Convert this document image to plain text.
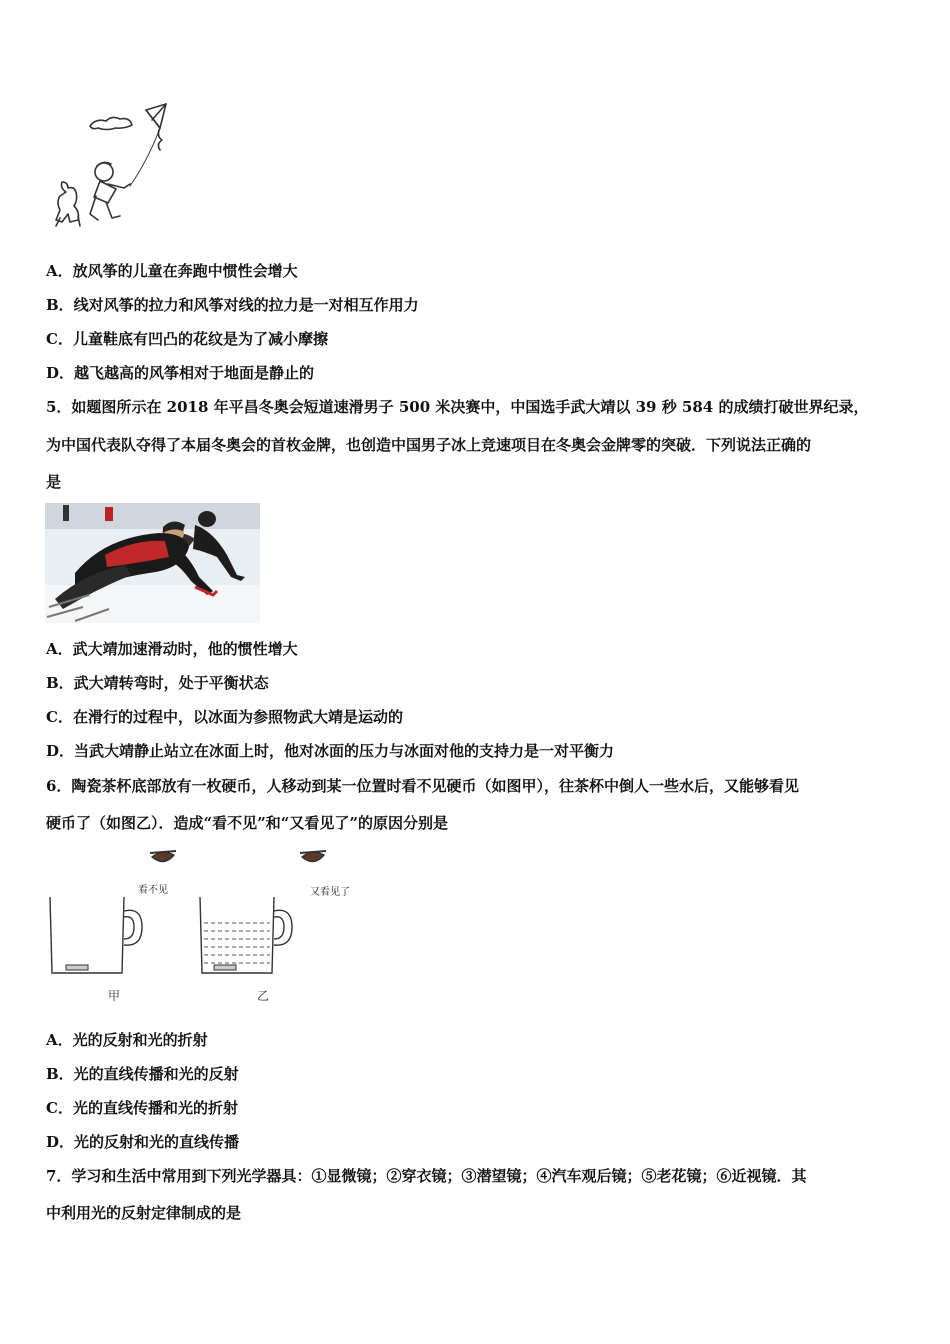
A．放风筝的儿童在奔跑中惯性会增大
B．线对风筝的拉力和风筝对线的拉力是一对相互作用力
C．儿童鞋底有凹凸的花纹是为了减小摩擦
D．越飞越高的风筝相对于地面是静止的
5．如题图所示在 2018 年平昌冬奥会短道速滑男子 500 米决赛中，中国选手武大靖以 39 秒 584 的成绩打破世界纪录，
为中国代表队夺得了本届冬奥会的首枚金牌，也创造中国男子冰上竞速项目在冬奥会金牌零的突破．下列说法正确的
是
A．武大靖加速滑动时，他的惯性增大
B．武大靖转弯时，处于平衡状态
C．在滑行的过程中，以冰面为参照物武大靖是运动的
D．当武大靖静止站立在冰面上时，他对冰面的压力与冰面对他的支持力是一对平衡力
6．陶瓷茶杯底部放有一枚硬币，人移动到某一位置时看不见硬币（如图甲），往茶杯中倒人一些水后，又能够看见
硬币了（如图乙）．造成“看不见”和“又看见了”的原因分别是
看不见	又看见了
甲	乙
A．光的反射和光的折射
B．光的直线传播和光的反射
C．光的直线传播和光的折射
D．光的反射和光的直线传播
7．学习和生活中常用到下列光学器具：①显微镜；②穿衣镜；③潜望镜；④汽车观后镜；⑤老花镜；⑥近视镜．其
中利用光的反射定律制成的是
